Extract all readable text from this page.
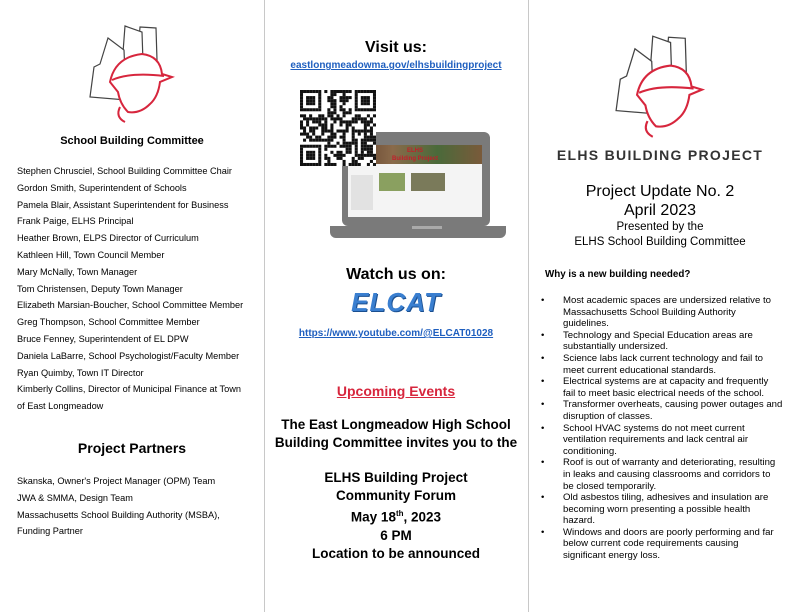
School Building Committee
Stephen Chrusciel, School Building Committee Chair
Gordon Smith, Superintendent of Schools
Pamela Blair, Assistant Superintendent for Business
Frank Paige, ELHS Principal
Heather Brown, ELPS Director of Curriculum
Kathleen Hill, Town Council Member
Mary McNally, Town Manager
Tom Christensen, Deputy Town Manager
Elizabeth Marsian-Boucher, School Committee Member
Greg Thompson, School Committee Member
Bruce Fenney, Superintendent of EL DPW
Daniela LaBarre, School Psychologist/Faculty Member
Ryan Quimby, Town IT Director
Kimberly Collins, Director of Municipal Finance at Town
of East Longmeadow
Project Partners
Skanska, Owner's Project Manager (OPM) Team
JWA & SMMA, Design Team
Massachusetts School Building Authority (MSBA),
Funding Partner
Visit us:
eastlongmeadowma.gov/elhsbuildingproject
ELHS
Building Project
Watch us on:
ELCAT
https://www.youtube.com/@ELCAT01028
Upcoming Events
The East Longmeadow High School
Building Committee invites you to the
ELHS Building Project
Community Forum
May 18th, 2023
6 PM
Location to be announced
ELHS BUILDING PROJECT
Project Update No. 2
April 2023
Presented by the
ELHS School Building Committee
Why is a new building needed?
• Most academic spaces are undersized relative to Massachusetts School Building Authority guidelines.
• Technology and Special Education areas are substantially undersized.
• Science labs lack current technology and fail to meet current educational standards.
• Electrical systems are at capacity and frequently fail to meet basic electrical needs of the school.
• Transformer overheats, causing power outages and disruption of classes.
• School HVAC systems do not meet current ventilation requirements and lack central air conditioning.
• Roof is out of warranty and deteriorating, resulting in leaks and causing classrooms and corridors to be closed temporarily.
• Old asbestos tiling, adhesives and insulation are becoming worn presenting a possible health hazard.
• Windows and doors are poorly performing and far below current code requirements causing significant energy loss.
